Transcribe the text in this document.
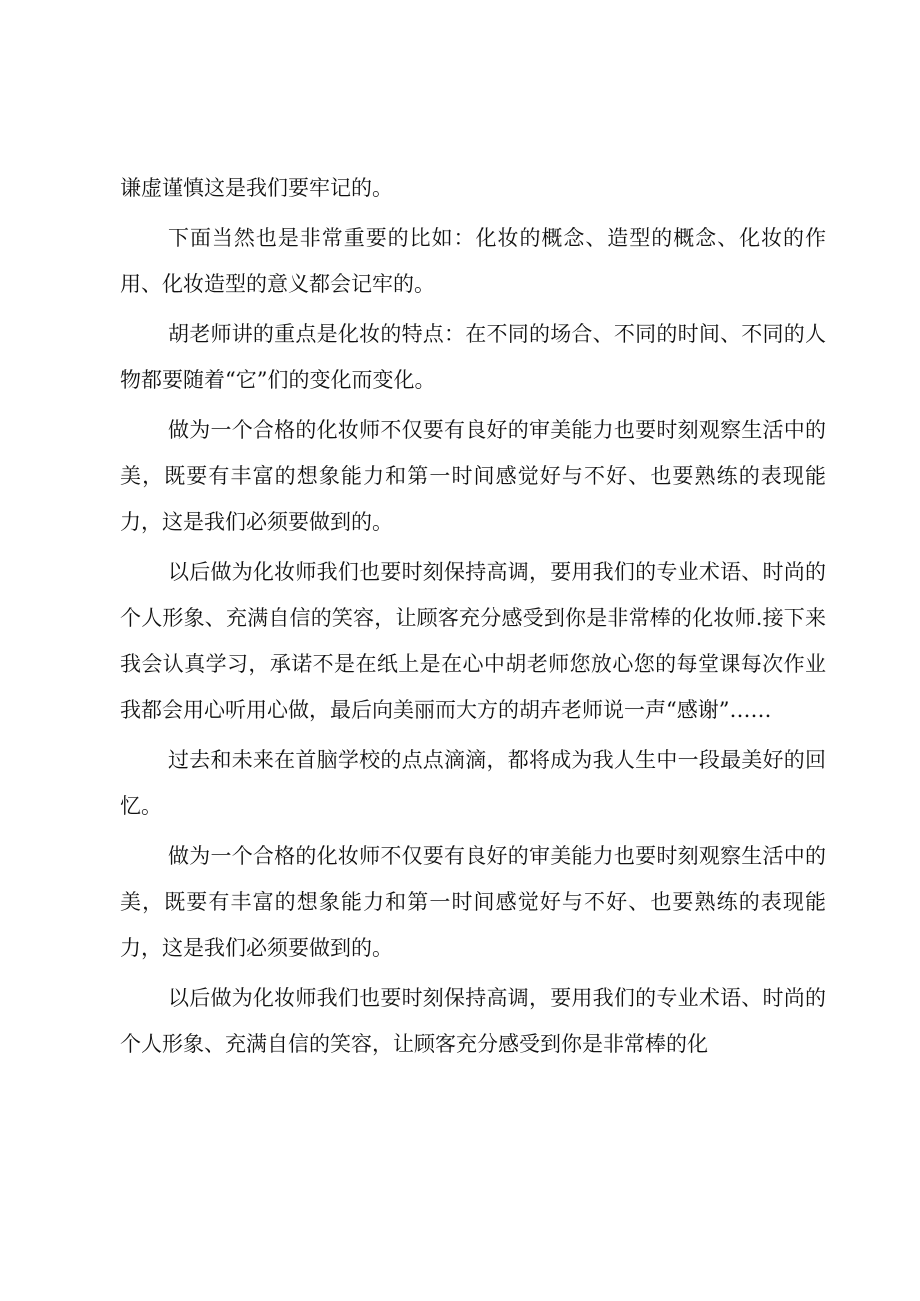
谦虚谨慎这是我们要牢记的。

下面当然也是非常重要的比如：化妆的概念、造型的概念、化妆的作用、化妆造型的意义都会记牢的。

胡老师讲的重点是化妆的特点：在不同的场合、不同的时间、不同的人物都要随着“它”们的变化而变化。

做为一个合格的化妆师不仅要有良好的审美能力也要时刻观察生活中的美，既要有丰富的想象能力和第一时间感觉好与不好、也要熟练的表现能力，这是我们必须要做到的。

以后做为化妆师我们也要时刻保持高调，要用我们的专业术语、时尚的个人形象、充满自信的笑容，让顾客充分感受到你是非常棒的化妆师.接下来我会认真学习，承诺不是在纸上是在心中胡老师您放心您的每堂课每次作业我都会用心听用心做，最后向美丽而大方的胡卉老师说一声“感谢”……

过去和未来在首脑学校的点点滴滴，都将成为我人生中一段最美好的回忆。

做为一个合格的化妆师不仅要有良好的审美能力也要时刻观察生活中的美，既要有丰富的想象能力和第一时间感觉好与不好、也要熟练的表现能力，这是我们必须要做到的。

以后做为化妆师我们也要时刻保持高调，要用我们的专业术语、时尚的个人形象、充满自信的笑容，让顾客充分感受到你是非常棒的化
